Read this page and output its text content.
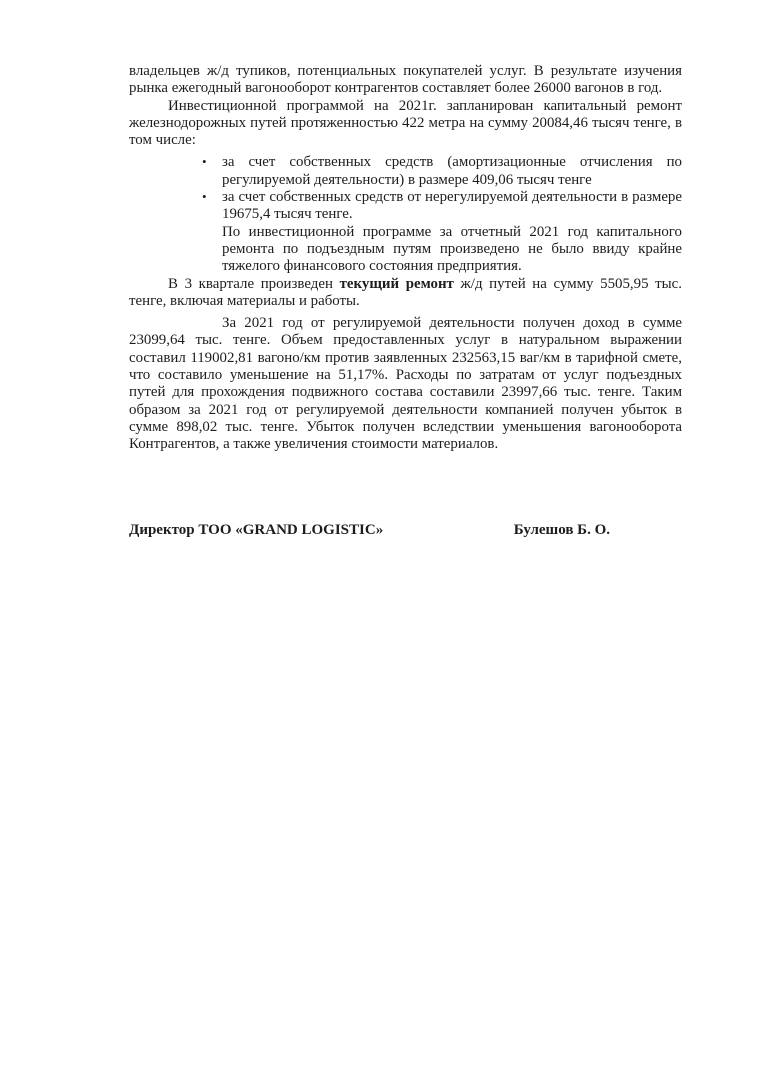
владельцев ж/д тупиков, потенциальных покупателей услуг. В результате изучения рынка ежегодный вагонооборот контрагентов составляет более 26000 вагонов в год.

Инвестиционной программой на 2021г. запланирован капитальный ремонт железнодорожных путей протяженностью 422 метра на сумму 20084,46 тысяч тенге, в том числе:

• за счет собственных средств (амортизационные отчисления по регулируемой деятельности) в размере 409,06 тысяч тенге

• за счет собственных средств от нерегулируемой деятельности в размере 19675,4 тысяч тенге.

По инвестиционной программе за отчетный 2021 год капитального ремонта по подъездным путям произведено не было ввиду крайне тяжелого финансового состояния предприятия.

В 3 квартале произведен текущий ремонт ж/д путей на сумму 5505,95 тыс. тенге, включая материалы и работы.

За 2021 год от регулируемой деятельности получен доход в сумме 23099,64 тыс. тенге. Объем предоставленных услуг в натуральном выражении составил 119002,81 вагоно/км против заявленных 232563,15 ваг/км в тарифной смете, что составило уменьшение на 51,17%. Расходы по затратам от услуг подъездных путей для прохождения подвижного состава составили 23997,66 тыс. тенге. Таким образом за 2021 год от регулируемой деятельности компанией получен убыток в сумме 898,02 тыс. тенге. Убыток получен вследствии уменьшения вагонооборота Контрагентов, а также увеличения стоимости материалов.

Директор ТОО «GRAND LOGISTIC»	Булешов Б. О.
